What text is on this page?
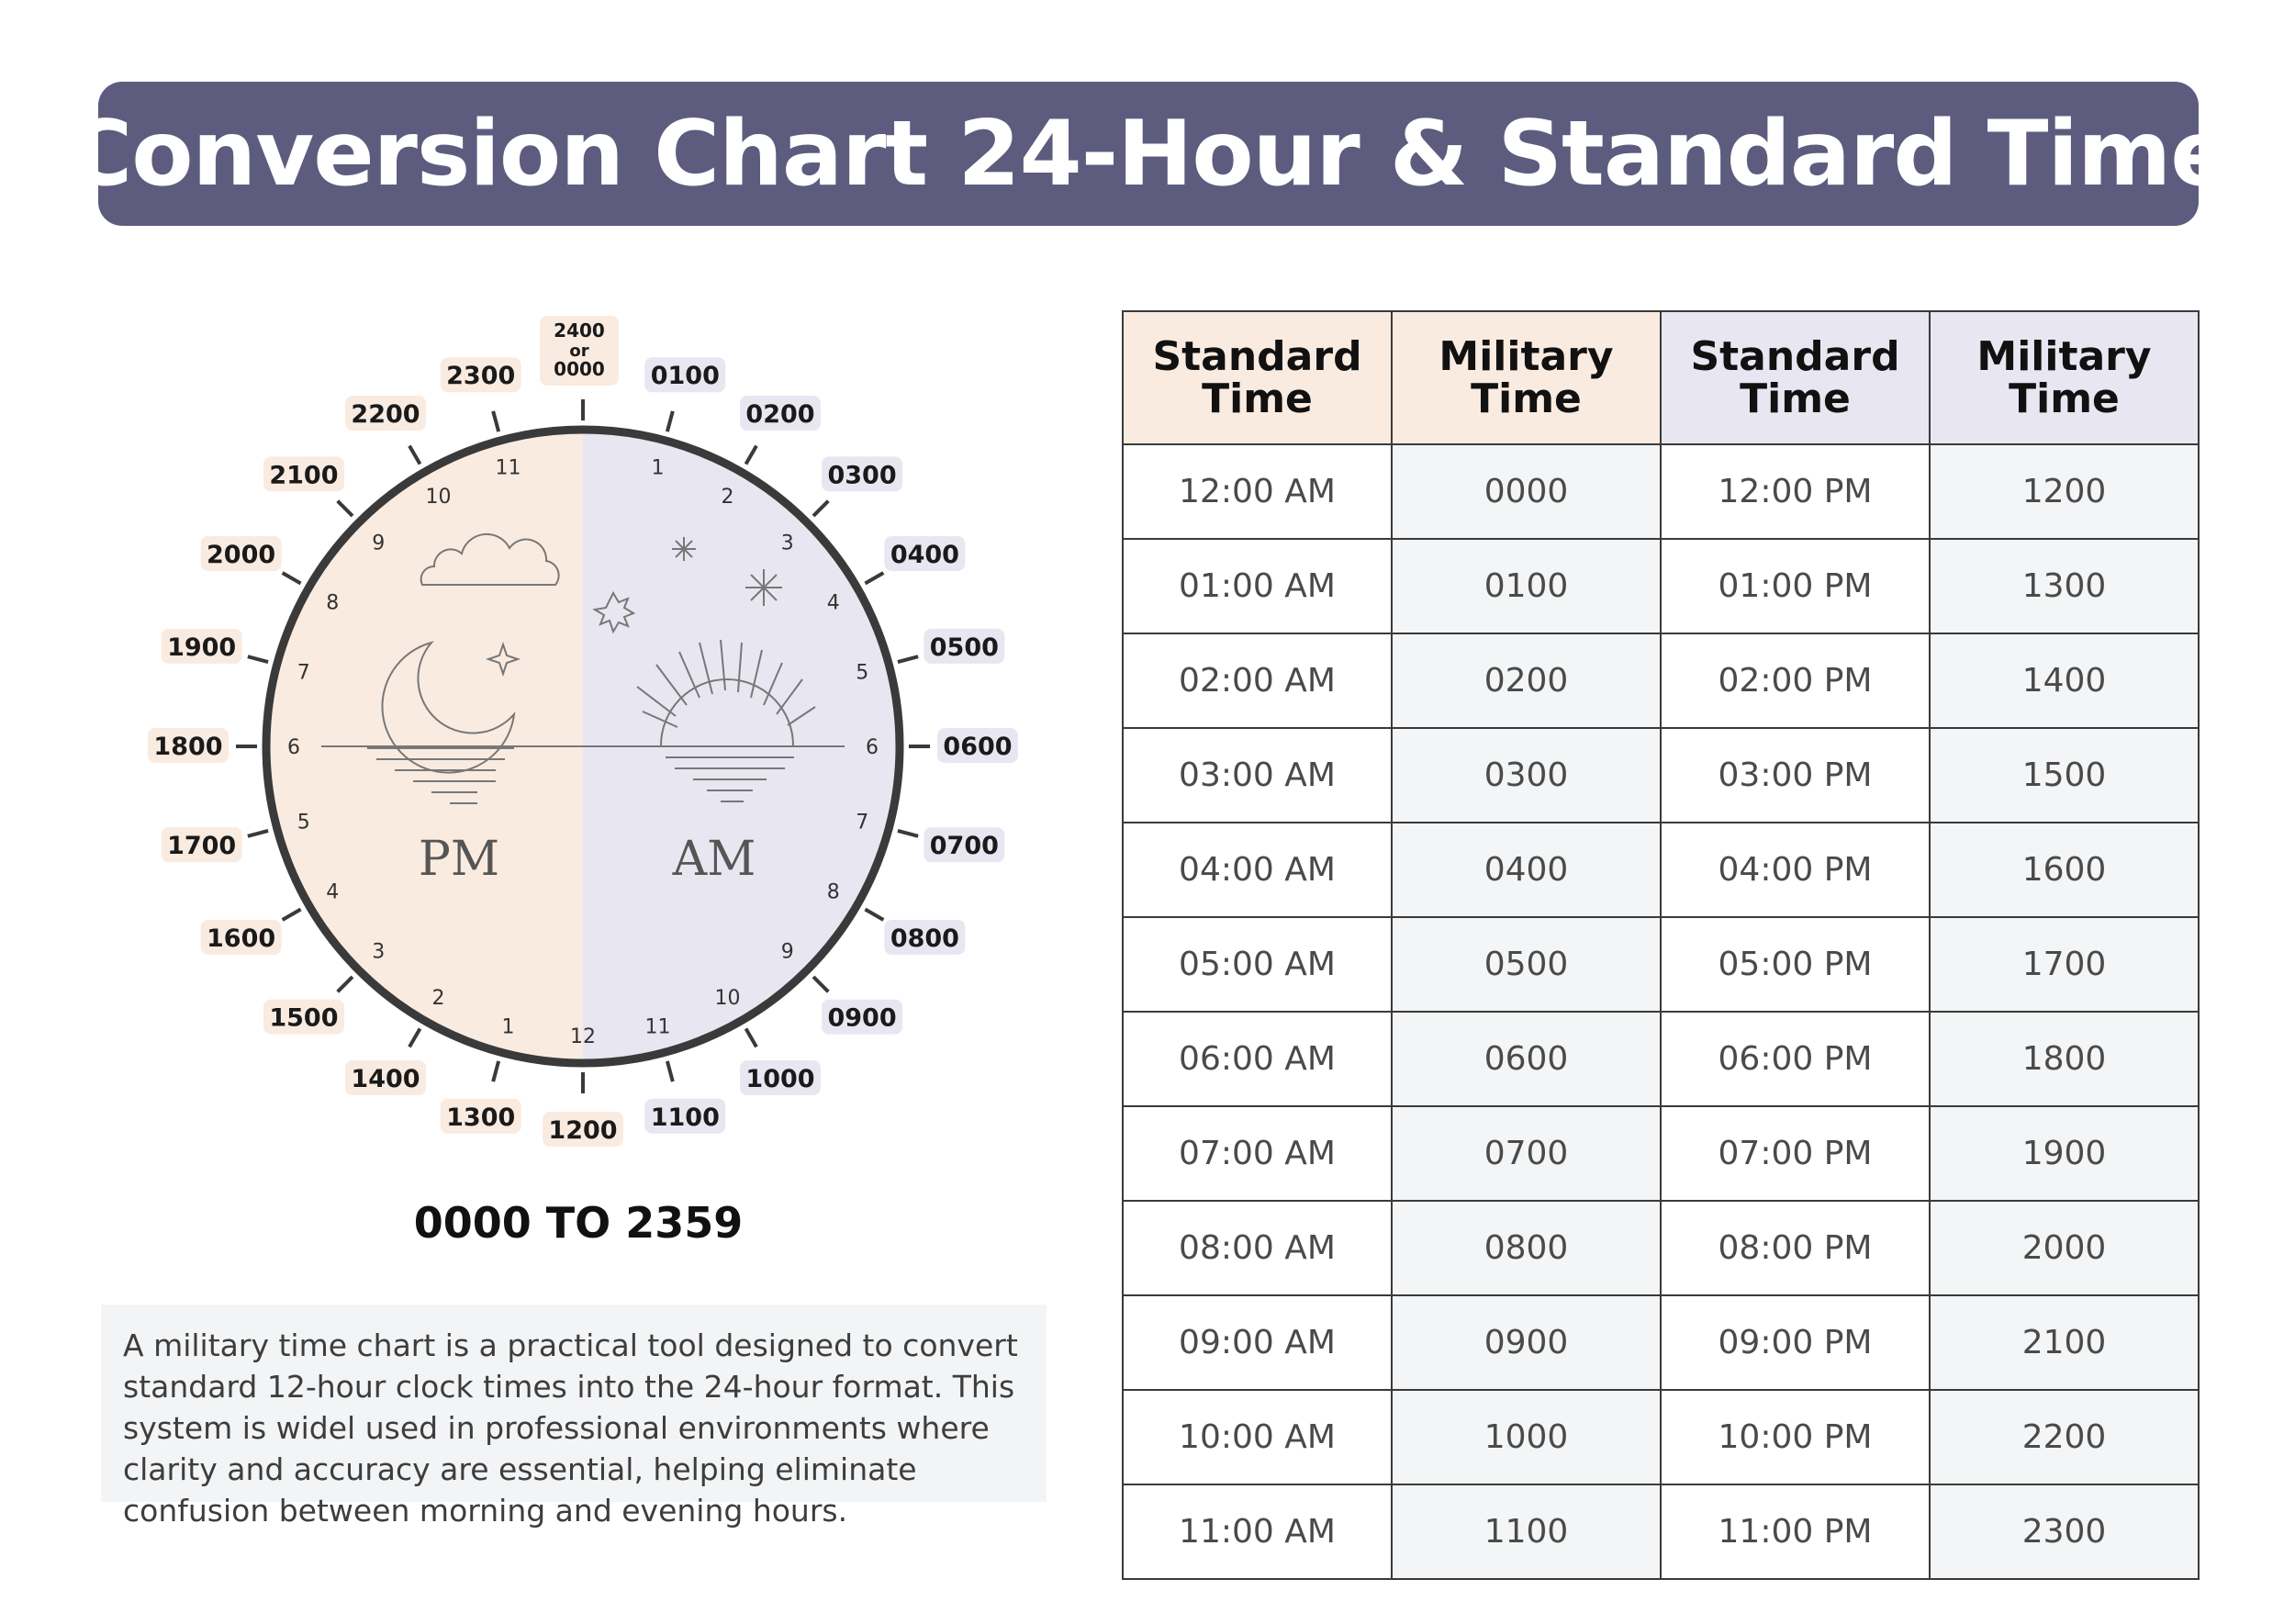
Conversion Chart 24-Hour & Standard Time
PM	AM
1
2
3
4
5
6
7
8
9
10
11
12
1
2
3
4
5
6
7
8
9
10
11
2400
or
0000 0100
0200
0300
0400
0500
0600
0700
0800
0900
1000
1100
1200
1300
1400
1500
1600
1700
1800
1900
2000
2100
2200
2300
0000 TO 2359
A military time chart is a practical tool designed to convert standard 12-hour clock times into the 24-hour format. This system is widel used in professional environments where clarity and accuracy are essential, helping eliminate confusion between morning and evening hours.
Standard Time	Military Time	Standard Time	Military Time
12:00 AM	0000	12:00 PM	1200
01:00 AM	0100	01:00 PM	1300
02:00 AM	0200	02:00 PM	1400
03:00 AM	0300	03:00 PM	1500
04:00 AM	0400	04:00 PM	1600
05:00 AM	0500	05:00 PM	1700
06:00 AM	0600	06:00 PM	1800
07:00 AM	0700	07:00 PM	1900
08:00 AM	0800	08:00 PM	2000
09:00 AM	0900	09:00 PM	2100
10:00 AM	1000	10:00 PM	2200
11:00 AM	1100	11:00 PM	2300
